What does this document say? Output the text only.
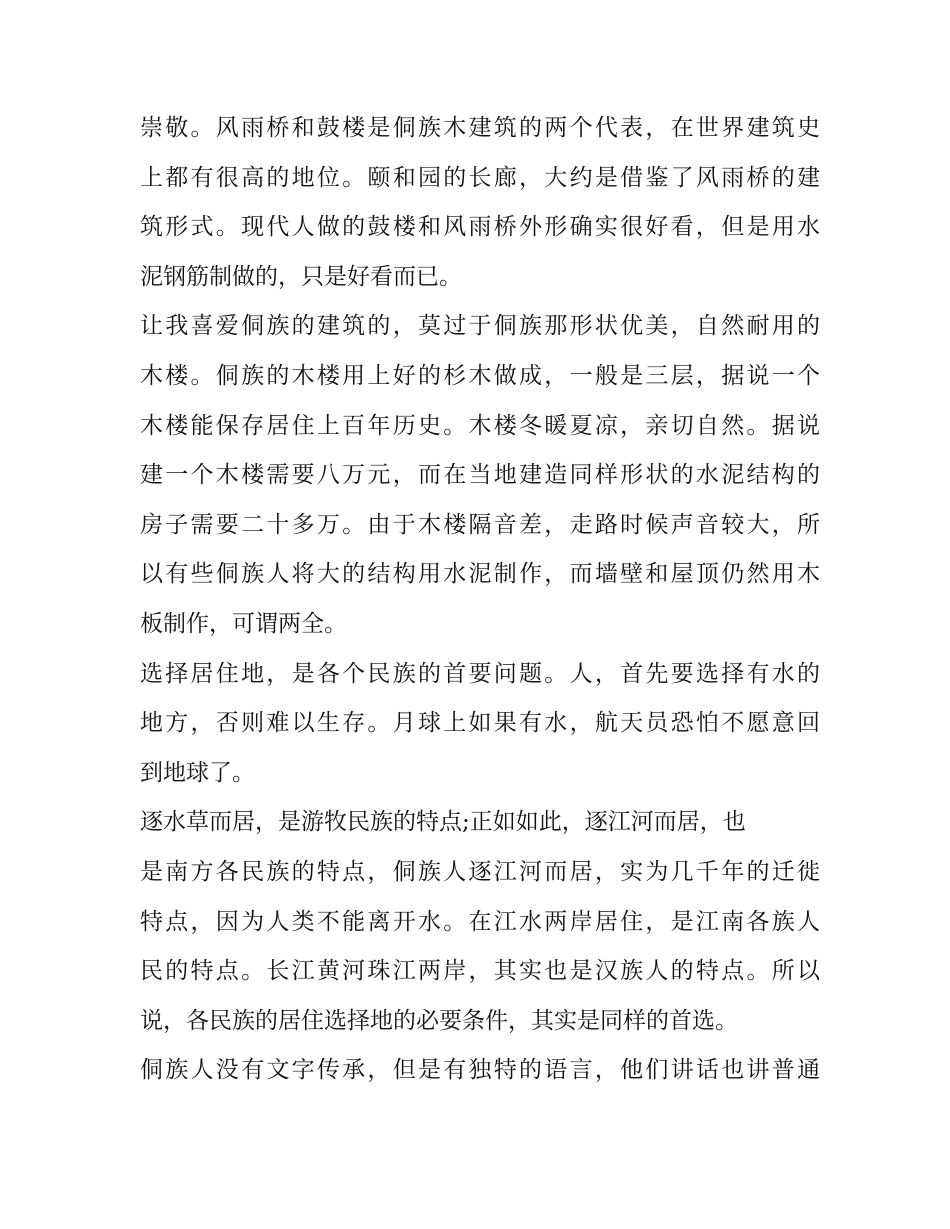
崇敬。风雨桥和鼓楼是侗族木建筑的两个代表，在世界建筑史
上都有很高的地位。颐和园的长廊，大约是借鉴了风雨桥的建
筑形式。现代人做的鼓楼和风雨桥外形确实很好看，但是用水
泥钢筋制做的，只是好看而已。
让我喜爱侗族的建筑的，莫过于侗族那形状优美，自然耐用的
木楼。侗族的木楼用上好的杉木做成，一般是三层，据说一个
木楼能保存居住上百年历史。木楼冬暖夏凉，亲切自然。据说
建一个木楼需要八万元，而在当地建造同样形状的水泥结构的
房子需要二十多万。由于木楼隔音差，走路时候声音较大，所
以有些侗族人将大的结构用水泥制作，而墙壁和屋顶仍然用木
板制作，可谓两全。
选择居住地，是各个民族的首要问题。人，首先要选择有水的
地方，否则难以生存。月球上如果有水，航天员恐怕不愿意回
到地球了。
逐水草而居，是游牧民族的特点;正如如此，逐江河而居，也
是南方各民族的特点，侗族人逐江河而居，实为几千年的迁徙
特点，因为人类不能离开水。在江水两岸居住，是江南各族人
民的特点。长江黄河珠江两岸，其实也是汉族人的特点。所以
说，各民族的居住选择地的必要条件，其实是同样的首选。
侗族人没有文字传承，但是有独特的语言，他们讲话也讲普通
